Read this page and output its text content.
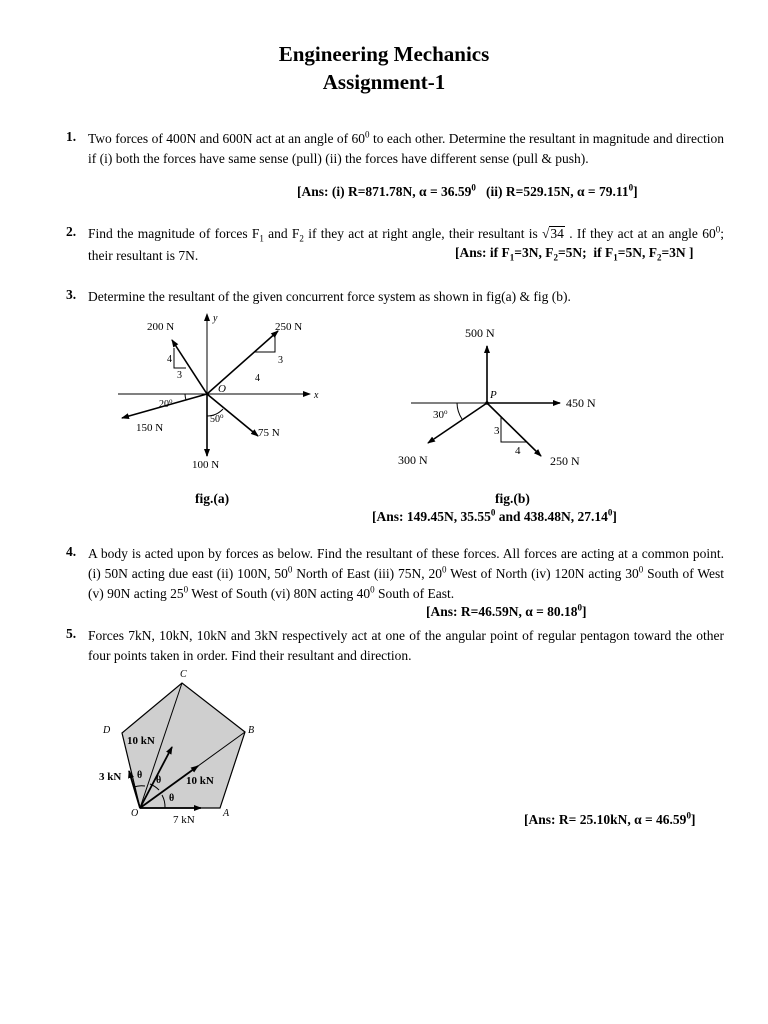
Engineering Mechanics
Assignment-1
1. Two forces of 400N and 600N act at an angle of $60^0$ to each other. Determine the resultant in magnitude and direction if (i) both the forces have same sense (pull) (ii) the forces have different sense (pull & push).
[Ans: (i) R=871.78N, $\alpha = 36.59^0$   (ii) R=529.15N, $\alpha = 79.11^0$]
2. Find the magnitude of forces $F_1$ and $F_2$ if they act at right angle, their resultant is √34 . If they act at an angle $60^0$; their resultant is 7N.	[Ans: if $F_1=3N$, $F_2=5N$;  if $F_1=5N$, $F_2=3N$ ]
3. Determine the resultant of the given concurrent force system as shown in fig(a) & fig (b).
200 N	250 N
150 N	75 N
100 N
y
x
O
4
3
3
4
20$^o$
50$^o$
500 N
450 N
300 N	250 N
P
30$^o$
3
4
fig.(a)	fig.(b)
[Ans: 149.45N, 35.55$^0$ and 438.48N, 27.14$^0$]
4. A body is acted upon by forces as below. Find the resultant of these forces. All forces are acting at a common point. (i) 50N acting due east (ii) 100N, $50^0$ North of East (iii) 75N, $20^0$ West of North (iv) 120N acting $30^0$ South of West (v) 90N acting $25^0$ West of South (vi) 80N acting $40^0$ South of East.
[Ans: R=46.59N, $\alpha = 80.18^0$]
5. Forces 7kN, 10kN, 10kN and 3kN respectively act at one of the angular point of regular pentagon toward the other four points taken in order. Find their resultant and direction.
C
D	B
A
O
10 kN
10 kN
3 kN
7 kN
θ θ
θ
[Ans: R= 25.10kN, $\alpha = 46.59^0$]
